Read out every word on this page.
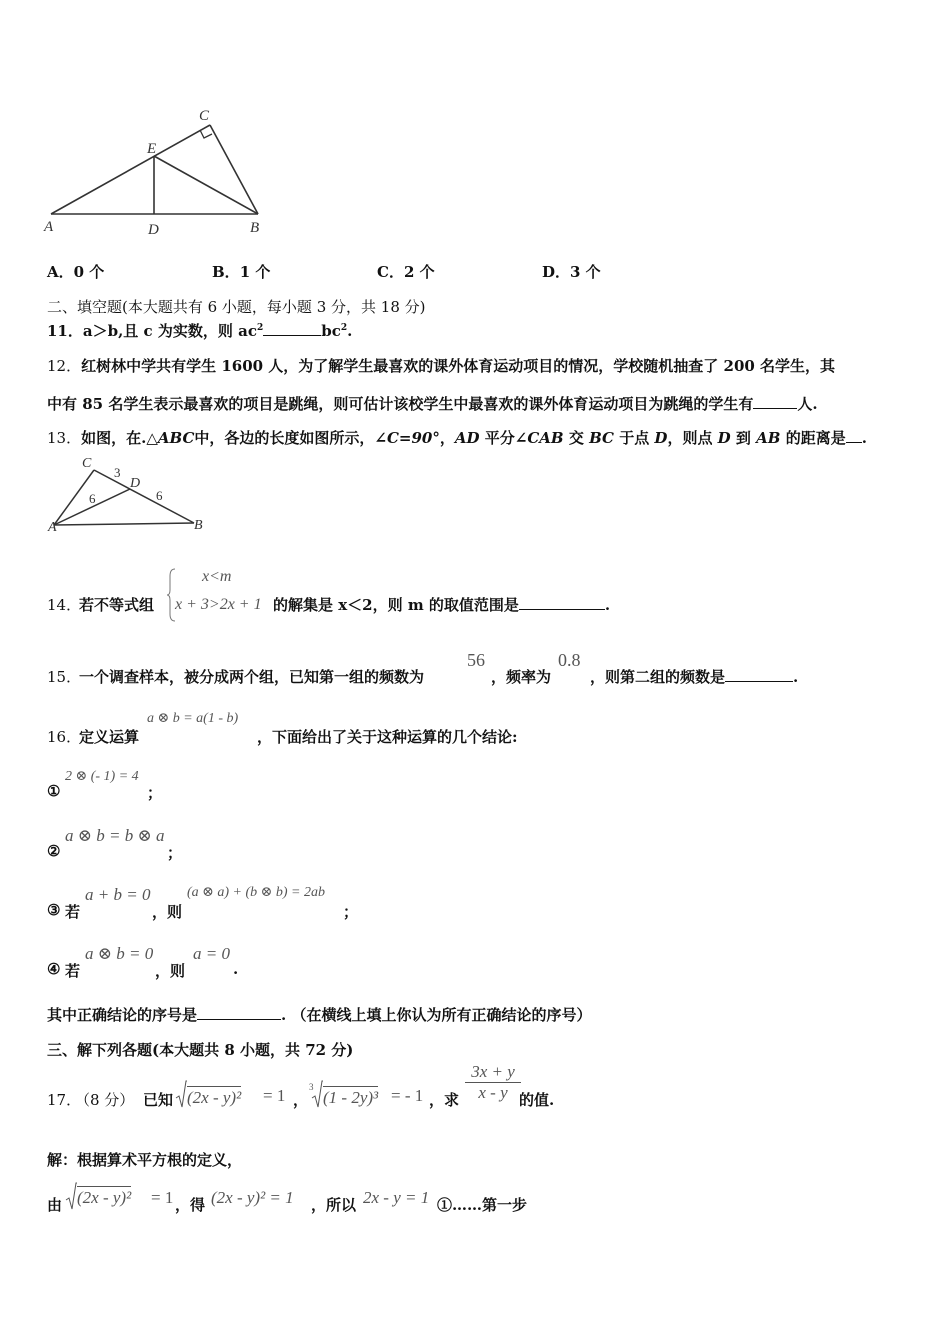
C
E
A	D	B
A．0 个	B．1 个	C．2 个	D．3 个
二、填空题(本大题共有 6 小题，每小题 3 分，共 18 分)
11．a＞b,且 c 为实数，则 $ac^2$	$bc^2$.
12．红树林中学共有学生 1600 人，为了解学生最喜欢的课外体育运动项目的情况，学校随机抽查了 200 名学生，其
中有 85 名学生表示最喜欢的项目是跳绳，则可估计该校学生中最喜欢的课外体育运动项目为跳绳的学生有	人.
13．如图，在.△ABC中，各边的长度如图所示，∠C=90°，AD 平分∠CAB 交 BC 于点 D，则点 D 到 AB 的距离是 .
C
D
A	B
3
6	6
14．
若不等式组
x<m
x + 3>2x + 1 的解集是 x＜2，则 m 的取值范围是	.
15．
一个调查样本，被分成两个组，已知第一组的频数为
56
，频率为
0.8
，则第二组的频数是	.
16．
定义运算
a ⊗ b = a(1 - b)
，下面给出了关于这种运算的几个结论:
①
2 ⊗ (- 1) = 4
；
②
a ⊗ b = b ⊗ a
；
③ 若
a + b = 0
，则
(a ⊗ a) + (b ⊗ b) = 2ab
；
④ 若
a ⊗ b = 0
，则
a = 0
.
其中正确结论的序号是	. （在横线上填上你认为所有正确结论的序号）
三、解下列各题(本大题共 8 小题，共 72 分)
17．
（8 分） 已知 (2x - y)² = 1 ，
3
(1 - 2y)³ = - 1 ，求
3x + y
x - y 的值.
解：根据算术平方根的定义，
由 (2x - y)² = 1 ，得 (2x - y)² = 1 ，所以 2x - y = 1 ①……第一步
